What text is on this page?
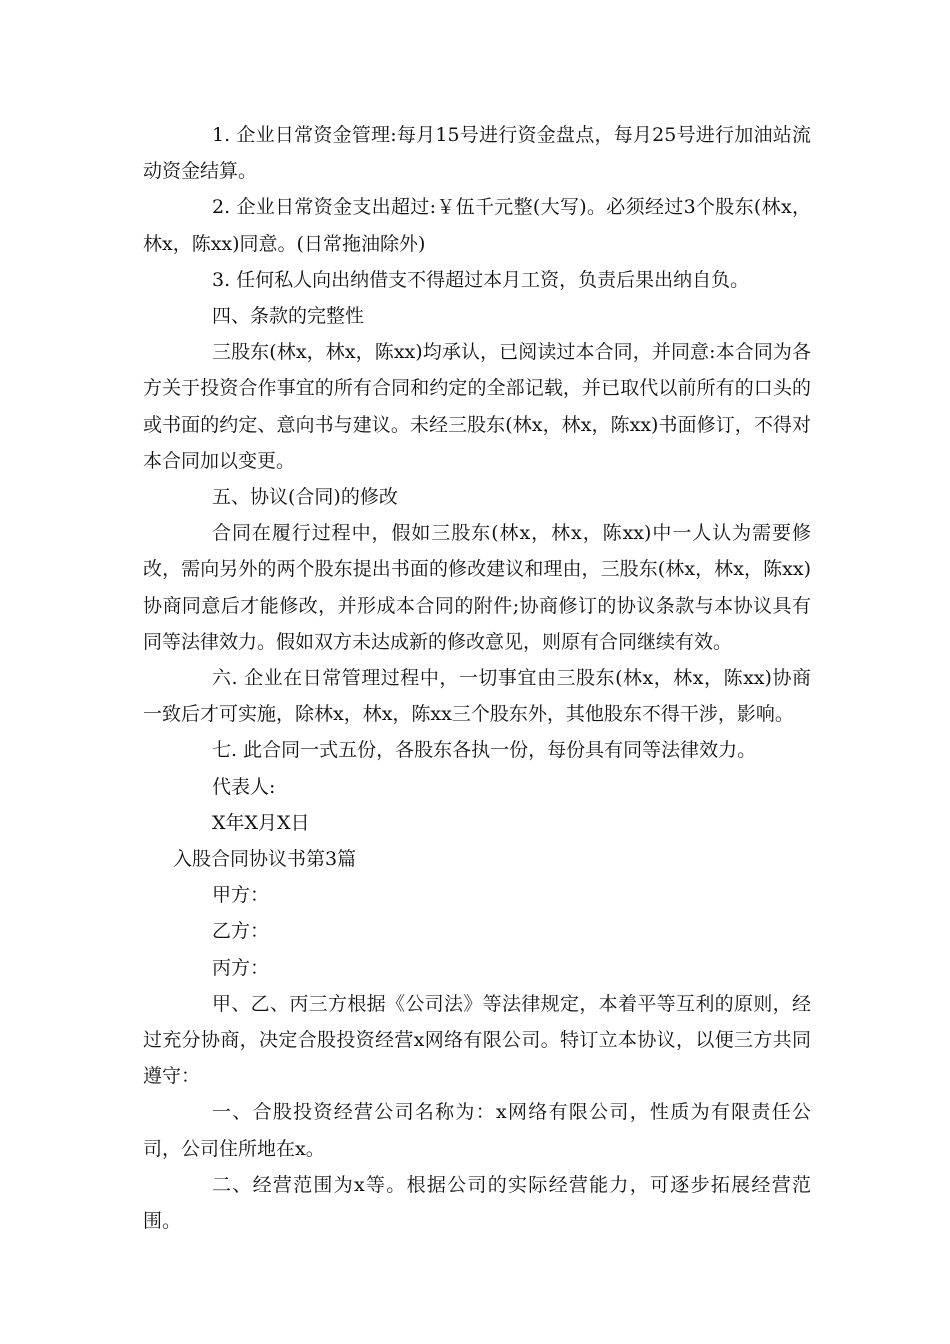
1. 企业日常资金管理:每月15号进行资金盘点，每月25号进行加油站流动资金结算。

2. 企业日常资金支出超过:￥伍千元整(大写)。必须经过3个股东(林x，林x，陈xx)同意。(日常拖油除外)

3. 任何私人向出纳借支不得超过本月工资，负责后果出纳自负。

四、条款的完整性

三股东(林x，林x，陈xx)均承认，已阅读过本合同，并同意:本合同为各方关于投资合作事宜的所有合同和约定的全部记载，并已取代以前所有的口头的或书面的约定、意向书与建议。未经三股东(林x，林x，陈xx)书面修订，不得对本合同加以变更。

五、协议(合同)的修改

合同在履行过程中，假如三股东(林x，林x，陈xx)中一人认为需要修改，需向另外的两个股东提出书面的修改建议和理由，三股东(林x，林x，陈xx)协商同意后才能修改，并形成本合同的附件;协商修订的协议条款与本协议具有同等法律效力。假如双方未达成新的修改意见，则原有合同继续有效。

六. 企业在日常管理过程中，一切事宜由三股东(林x，林x，陈xx)协商一致后才可实施，除林x，林x，陈xx三个股东外，其他股东不得干涉，影响。

七. 此合同一式五份，各股东各执一份，每份具有同等法律效力。

代表人:

X年X月X日

入股合同协议书第3篇

甲方：

乙方：

丙方：

甲、乙、丙三方根据《公司法》等法律规定，本着平等互利的原则，经过充分协商，决定合股投资经营x网络有限公司。特订立本协议，以便三方共同遵守：

一、合股投资经营公司名称为：x网络有限公司，性质为有限责任公司，公司住所地在x。

二、经营范围为x等。根据公司的实际经营能力，可逐步拓展经营范围。
